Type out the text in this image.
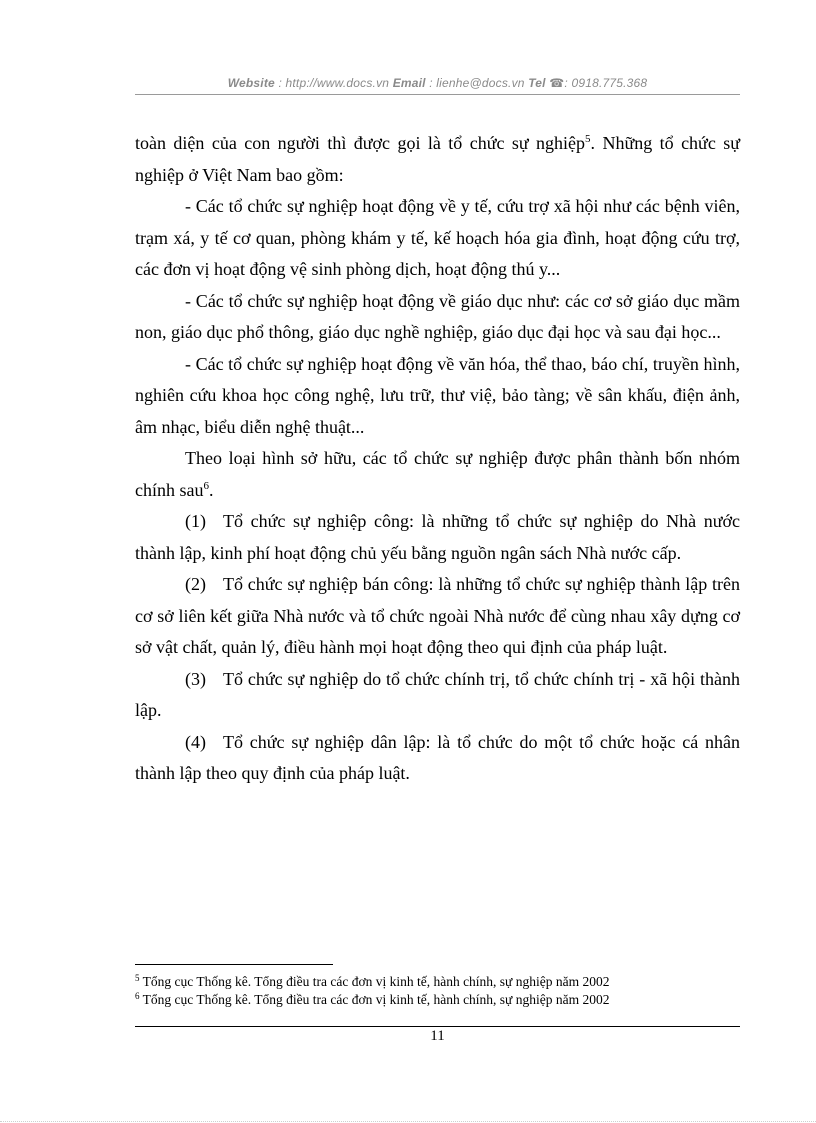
Website : http://www.docs.vn Email : lienhe@docs.vn Tel ☎: 0918.775.368

toàn diện của con người thì được gọi là tổ chức sự nghiệp$^5$. Những tổ chức sự nghiệp ở Việt Nam bao gồm:

- Các tổ chức sự nghiệp hoạt động về y tế, cứu trợ xã hội như các bệnh viên, trạm xá, y tế cơ quan, phòng khám y tế, kế hoạch hóa gia đình, hoạt động cứu trợ, các đơn vị hoạt động vệ sinh phòng dịch, hoạt động thú y...

- Các tổ chức sự nghiệp hoạt động về giáo dục như: các cơ sở giáo dục mầm non, giáo dục phổ thông, giáo dục nghề nghiệp, giáo dục đại học và sau đại học...

- Các tổ chức sự nghiệp hoạt động về văn hóa, thể thao, báo chí, truyền hình, nghiên cứu khoa học công nghệ, lưu trữ, thư việ, bảo tàng; về sân khấu, điện ảnh, âm nhạc, biểu diễn nghệ thuật...

Theo loại hình sở hữu, các tổ chức sự nghiệp được phân thành bốn nhóm chính sau$^6$.

(1) Tổ chức sự nghiệp công: là những tổ chức sự nghiệp do Nhà nước thành lập, kinh phí hoạt động chủ yếu bằng nguồn ngân sách Nhà nước cấp.

(2) Tổ chức sự nghiệp bán công: là những tổ chức sự nghiệp thành lập trên cơ sở liên kết giữa Nhà nước và tổ chức ngoài Nhà nước để cùng nhau xây dựng cơ sở vật chất, quản lý, điều hành mọi hoạt động theo qui định của pháp luật.

(3) Tổ chức sự nghiệp do tổ chức chính trị, tổ chức chính trị - xã hội thành lập.

(4) Tổ chức sự nghiệp dân lập: là tổ chức do một tổ chức hoặc cá nhân thành lập theo quy định của pháp luật.

$^5$ Tổng cục Thống kê. Tổng điều tra các đơn vị kinh tế, hành chính, sự nghiệp năm 2002

$^6$ Tổng cục Thống kê. Tổng điều tra các đơn vị kinh tế, hành chính, sự nghiệp năm 2002

11
